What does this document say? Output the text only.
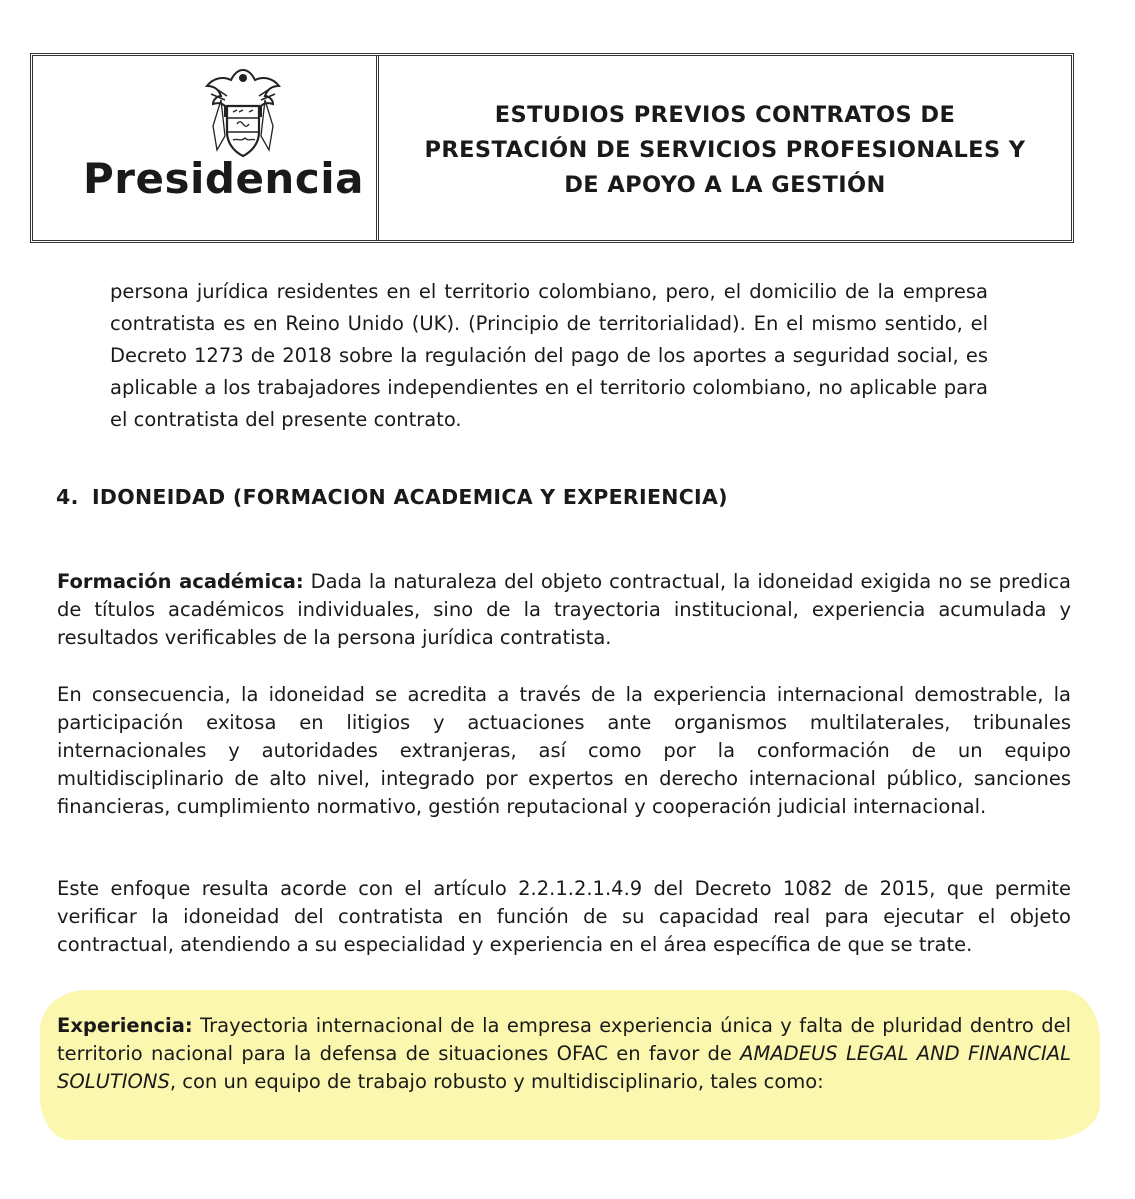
Presidencia
ESTUDIOS PREVIOS CONTRATOS DE
PRESTACIÓN DE SERVICIOS PROFESIONALES Y
DE APOYO A LA GESTIÓN

persona jurídica residentes en el territorio colombiano, pero, el domicilio de la empresa contratista es en Reino Unido (UK). (Principio de territorialidad). En el mismo sentido, el Decreto 1273 de 2018 sobre la regulación del pago de los aportes a seguridad social, es aplicable a los trabajadores independientes en el territorio colombiano, no aplicable para el contratista del presente contrato.

4. IDONEIDAD (FORMACION ACADEMICA Y EXPERIENCIA)

Formación académica: Dada la naturaleza del objeto contractual, la idoneidad exigida no se predica de títulos académicos individuales, sino de la trayectoria institucional, experiencia acumulada y resultados verificables de la persona jurídica contratista.

En consecuencia, la idoneidad se acredita a través de la experiencia internacional demostrable, la participación exitosa en litigios y actuaciones ante organismos multilaterales, tribunales internacionales y autoridades extranjeras, así como por la conformación de un equipo multidisciplinario de alto nivel, integrado por expertos en derecho internacional público, sanciones financieras, cumplimiento normativo, gestión reputacional y cooperación judicial internacional.

Este enfoque resulta acorde con el artículo 2.2.1.2.1.4.9 del Decreto 1082 de 2015, que permite verificar la idoneidad del contratista en función de su capacidad real para ejecutar el objeto contractual, atendiendo a su especialidad y experiencia en el área específica de que se trate.

Experiencia: Trayectoria internacional de la empresa experiencia única y falta de pluridad dentro del territorio nacional para la defensa de situaciones OFAC en favor de AMADEUS LEGAL AND FINANCIAL SOLUTIONS, con un equipo de trabajo robusto y multidisciplinario, tales como:
